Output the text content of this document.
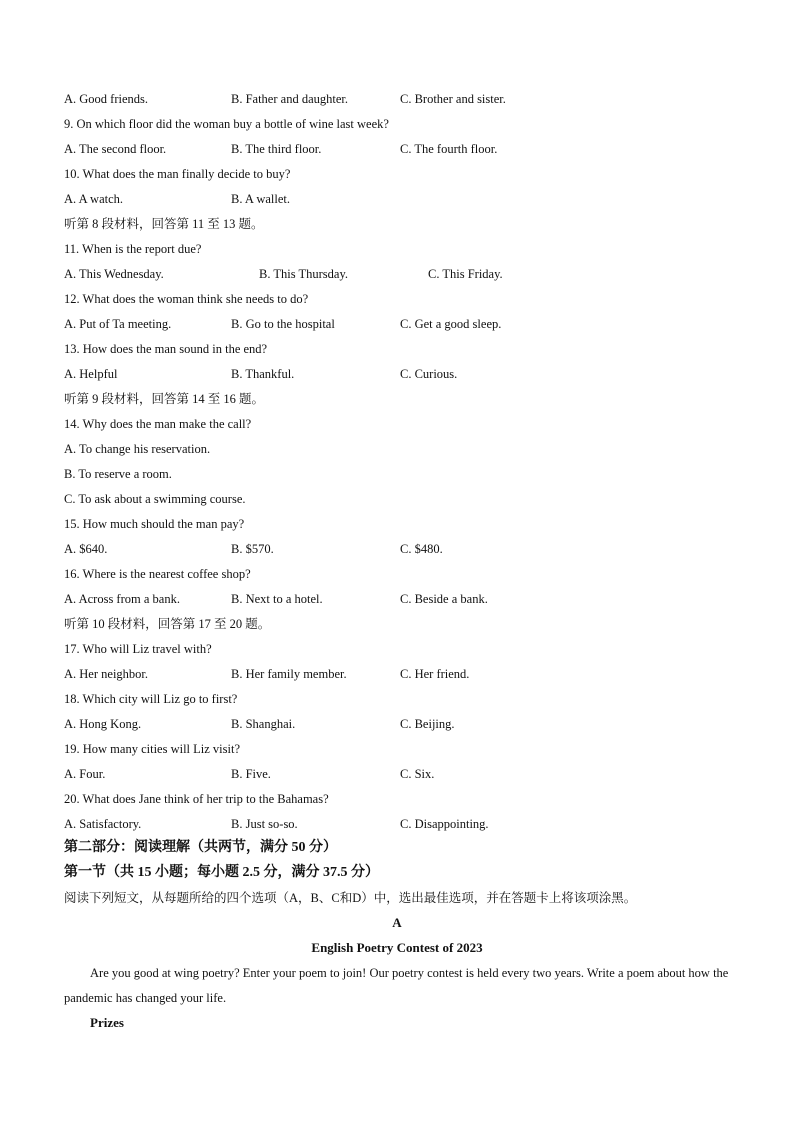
A. Good friends.	B. Father and daughter.	C. Brother and sister.
9. On which floor did the woman buy a bottle of wine last week?
A. The second floor.	B. The third floor.	C. The fourth floor.
10. What does the man finally decide to buy?
A. A watch.	B. A wallet.
听第 8 段材料，回答第 11 至 13 题。
11. When is the report due?
A. This Wednesday.	B. This Thursday.	C. This Friday.
12. What does the woman think she needs to do?
A. Put of Ta meeting.	B. Go to the hospital	C. Get a good sleep.
13. How does the man sound in the end?
A. Helpful	B. Thankful.	C. Curious.
听第 9 段材料，回答第 14 至 16 题。
14. Why does the man make the call?
A. To change his reservation.
B. To reserve a room.
C. To ask about a swimming course.
15. How much should the man pay?
A. $640.	B. $570.	C. $480.
16. Where is the nearest coffee shop?
A. Across from a bank.	B. Next to a hotel.	C. Beside a bank.
听第 10 段材料，回答第 17 至 20 题。
17. Who will Liz travel with?
A. Her neighbor.	B. Her family member.	C. Her friend.
18. Which city will Liz go to first?
A. Hong Kong.	B. Shanghai.	C. Beijing.
19. How many cities will Liz visit?
A. Four.	B. Five.	C. Six.
20. What does Jane think of her trip to the Bahamas?
A. Satisfactory.	B. Just so-so.	C. Disappointing.
第二部分：阅读理解（共两节，满分 50 分）
第一节（共 15 小题；每小题 2.5 分，满分 37.5 分）
阅读下列短文，从每题所给的四个选项（A，B、C和D）中，选出最佳选项，并在答题卡上将该项涂黑。
A
English Poetry Contest of 2023
Are you good at wing poetry? Enter your poem to join! Our poetry contest is held every two years. Write a poem about how the pandemic has changed your life.
Prizes
